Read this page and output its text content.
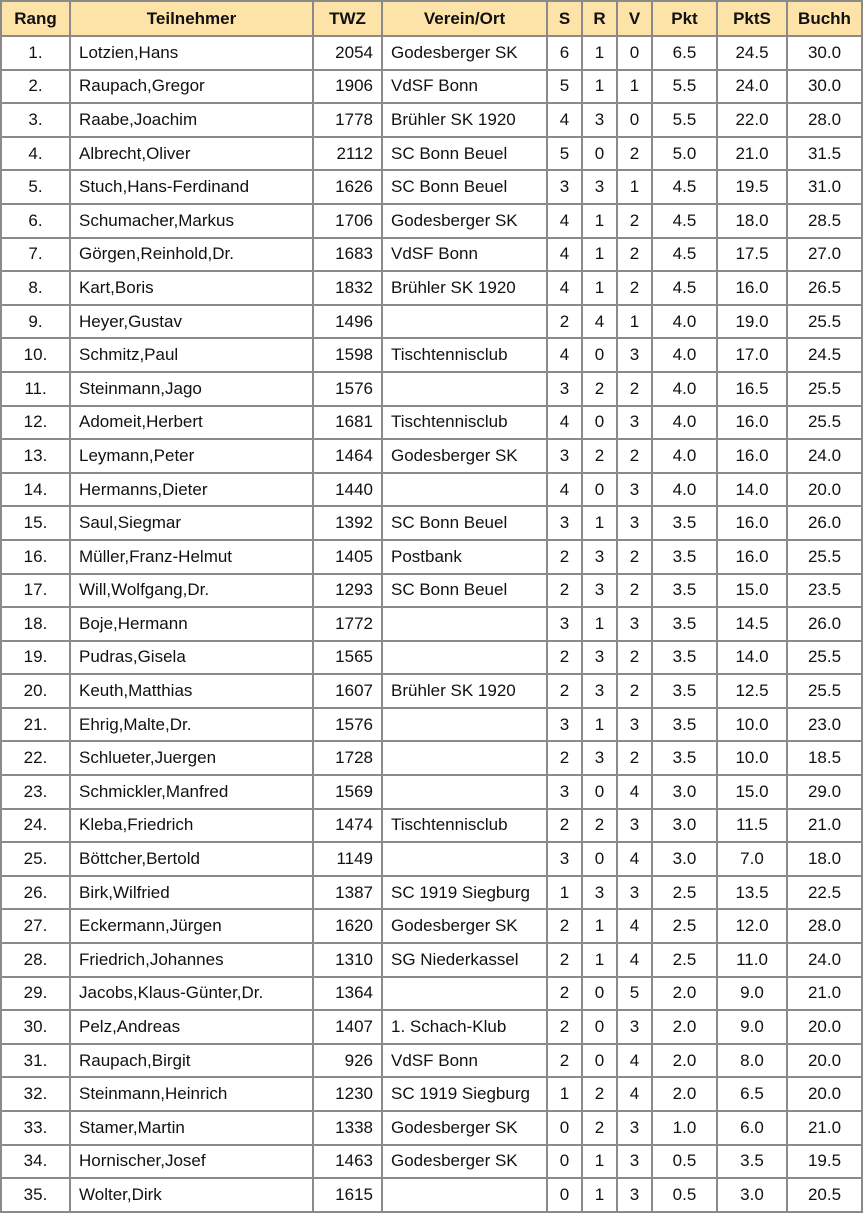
Rang	Teilnehmer	TWZ	Verein/Ort	S	R	V	Pkt	PktS	Buchh
1.	Lotzien,Hans	2054	Godesberger SK	6	1	0	6.5	24.5	30.0
2.	Raupach,Gregor	1906	VdSF Bonn	5	1	1	5.5	24.0	30.0
3.	Raabe,Joachim	1778	Brühler SK 1920	4	3	0	5.5	22.0	28.0
4.	Albrecht,Oliver	2112	SC Bonn Beuel	5	0	2	5.0	21.0	31.5
5.	Stuch,Hans-Ferdinand	1626	SC Bonn Beuel	3	3	1	4.5	19.5	31.0
6.	Schumacher,Markus	1706	Godesberger SK	4	1	2	4.5	18.0	28.5
7.	Görgen,Reinhold,Dr.	1683	VdSF Bonn	4	1	2	4.5	17.5	27.0
8.	Kart,Boris	1832	Brühler SK 1920	4	1	2	4.5	16.0	26.5
9.	Heyer,Gustav	1496		2	4	1	4.0	19.0	25.5
10.	Schmitz,Paul	1598	Tischtennisclub	4	0	3	4.0	17.0	24.5
11.	Steinmann,Jago	1576		3	2	2	4.0	16.5	25.5
12.	Adomeit,Herbert	1681	Tischtennisclub	4	0	3	4.0	16.0	25.5
13.	Leymann,Peter	1464	Godesberger SK	3	2	2	4.0	16.0	24.0
14.	Hermanns,Dieter	1440		4	0	3	4.0	14.0	20.0
15.	Saul,Siegmar	1392	SC Bonn Beuel	3	1	3	3.5	16.0	26.0
16.	Müller,Franz-Helmut	1405	Postbank	2	3	2	3.5	16.0	25.5
17.	Will,Wolfgang,Dr.	1293	SC Bonn Beuel	2	3	2	3.5	15.0	23.5
18.	Boje,Hermann	1772		3	1	3	3.5	14.5	26.0
19.	Pudras,Gisela	1565		2	3	2	3.5	14.0	25.5
20.	Keuth,Matthias	1607	Brühler SK 1920	2	3	2	3.5	12.5	25.5
21.	Ehrig,Malte,Dr.	1576		3	1	3	3.5	10.0	23.0
22.	Schlueter,Juergen	1728		2	3	2	3.5	10.0	18.5
23.	Schmickler,Manfred	1569		3	0	4	3.0	15.0	29.0
24.	Kleba,Friedrich	1474	Tischtennisclub	2	2	3	3.0	11.5	21.0
25.	Böttcher,Bertold	1149		3	0	4	3.0	7.0	18.0
26.	Birk,Wilfried	1387	SC 1919 Siegburg	1	3	3	2.5	13.5	22.5
27.	Eckermann,Jürgen	1620	Godesberger SK	2	1	4	2.5	12.0	28.0
28.	Friedrich,Johannes	1310	SG Niederkassel	2	1	4	2.5	11.0	24.0
29.	Jacobs,Klaus-Günter,Dr.	1364		2	0	5	2.0	9.0	21.0
30.	Pelz,Andreas	1407	1. Schach-Klub	2	0	3	2.0	9.0	20.0
31.	Raupach,Birgit	926	VdSF Bonn	2	0	4	2.0	8.0	20.0
32.	Steinmann,Heinrich	1230	SC 1919 Siegburg	1	2	4	2.0	6.5	20.0
33.	Stamer,Martin	1338	Godesberger SK	0	2	3	1.0	6.0	21.0
34.	Hornischer,Josef	1463	Godesberger SK	0	1	3	0.5	3.5	19.5
35.	Wolter,Dirk	1615		0	1	3	0.5	3.0	20.5
